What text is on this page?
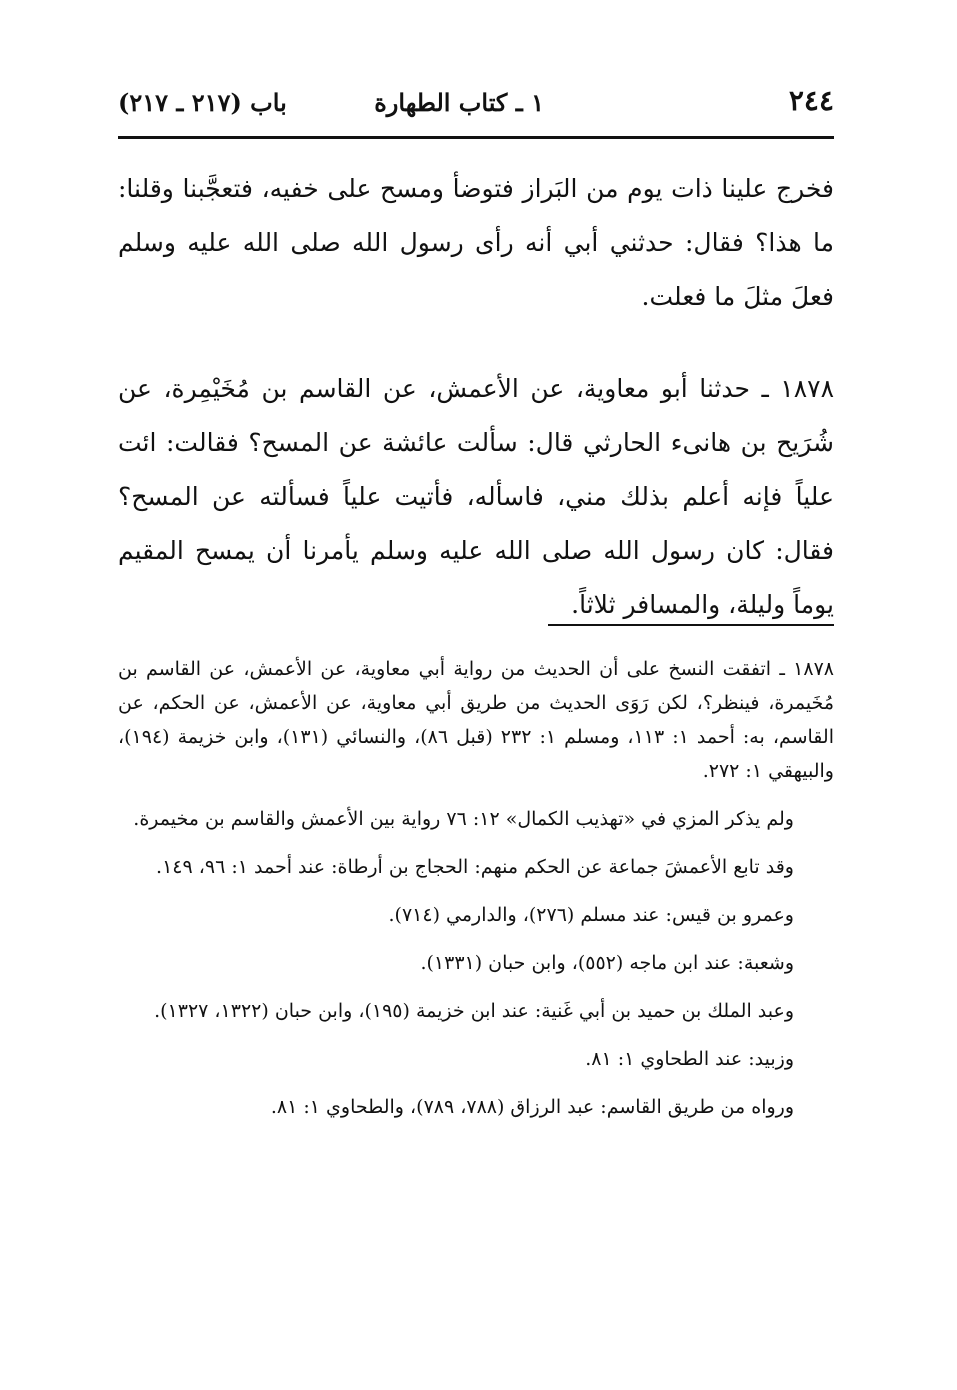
٢٤٤
١ ـ كتاب الطهارة
باب (٢١٧ ـ ٢١٧)

فخرج علينا ذات يوم من البَراز فتوضأ ومسح على خفيه، فتعجَّبنا وقلنا: ما هذا؟ فقال: حدثني أبي أنه رأى رسول الله صلى الله عليه وسلم فعلَ مثلَ ما فعلت.

١٨٧٨ ـ حدثنا أبو معاوية، عن الأعمش، عن القاسم بن مُخَيْمِرة، عن شُرَيح بن هانىء الحارثي قال: سألت عائشة عن المسح؟ فقالت: ائت علياً فإنه أعلم بذلك مني، فاسأله، فأتيت علياً فسألته عن المسح؟ فقال: كان رسول الله صلى الله عليه وسلم يأمرنا أن يمسح المقيم يوماً وليلة، والمسافر ثلاثاً.

١٨٧٨ ـ اتفقت النسخ على أن الحديث من رواية أبي معاوية، عن الأعمش، عن القاسم بن مُخَيمرة، فينظر؟، لكن رَوَى الحديث من طريق أبي معاوية، عن الأعمش، عن الحكم، عن القاسم، به: أحمد ١: ١١٣، ومسلم ١: ٢٣٢ (قبل ٨٦)، والنسائي (١٣١)، وابن خزيمة (١٩٤)، والبيهقي ١: ٢٧٢.

ولم يذكر المزي في «تهذيب الكمال» ١٢: ٧٦ رواية بين الأعمش والقاسم بن مخيمرة.

وقد تابع الأعمشَ جماعة عن الحكم منهم: الحجاج بن أرطاة: عند أحمد ١: ٩٦، ١٤٩.

وعمرو بن قيس: عند مسلم (٢٧٦)، والدارمي (٧١٤).

وشعبة: عند ابن ماجه (٥٥٢)، وابن حبان (١٣٣١).

وعبد الملك بن حميد بن أبي غَنية: عند ابن خزيمة (١٩٥)، وابن حبان (١٣٢٢، ١٣٢٧).

وزبيد: عند الطحاوي ١: ٨١.

ورواه من طريق القاسم: عبد الرزاق (٧٨٨، ٧٨٩)، والطحاوي ١: ٨١.
